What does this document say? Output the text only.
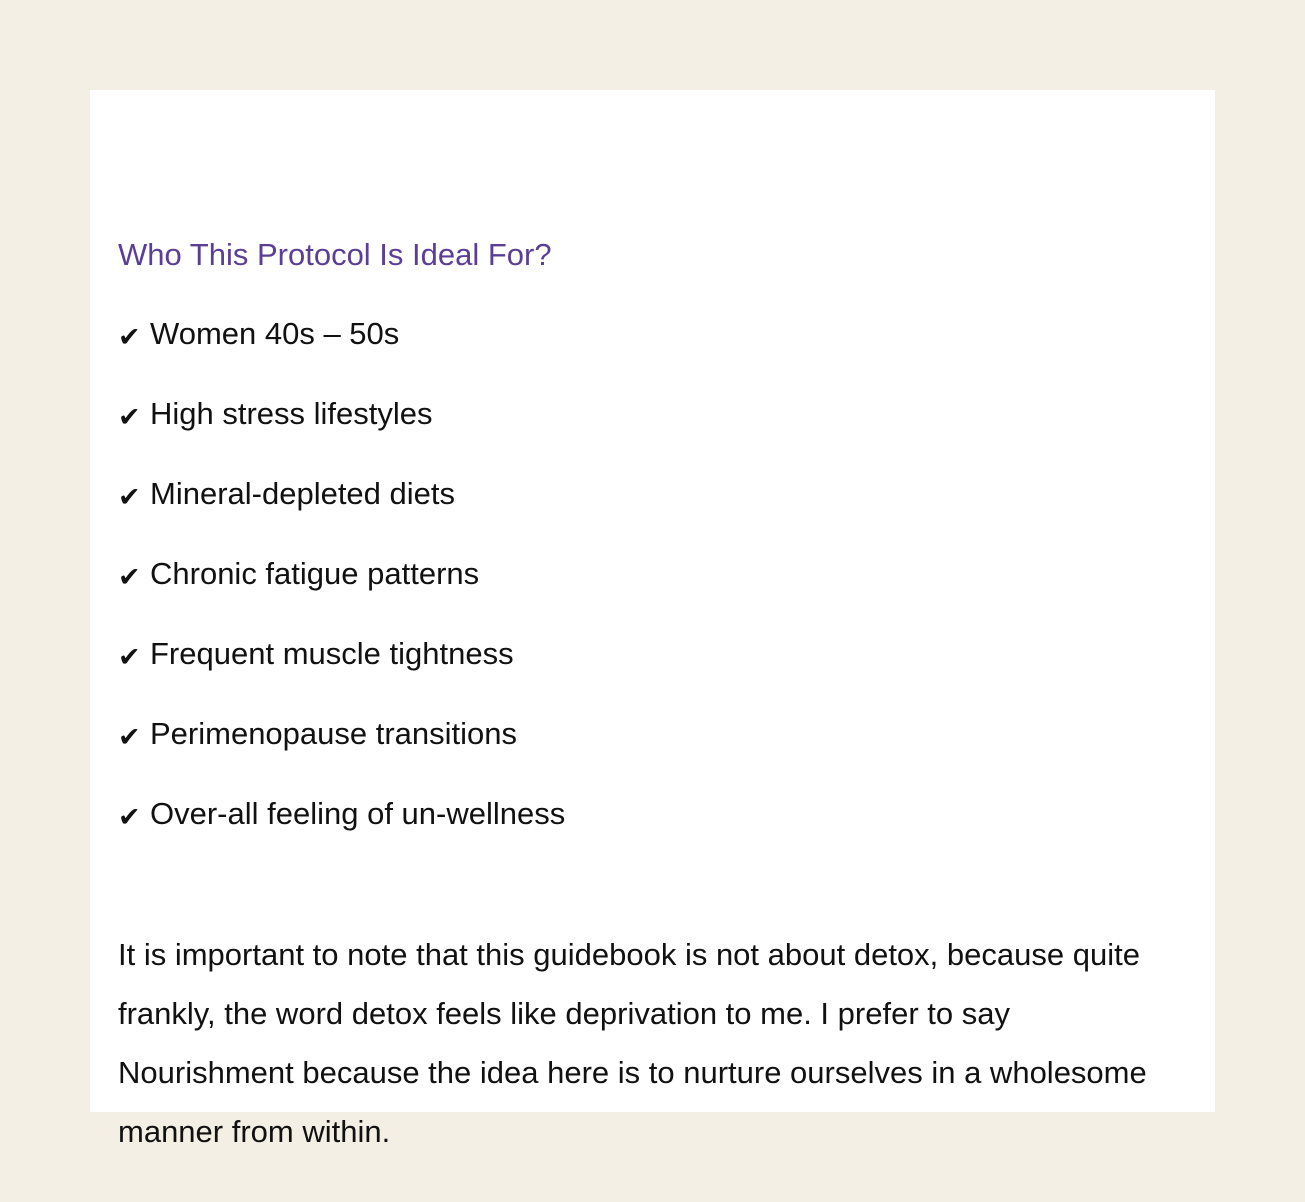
Who This Protocol Is Ideal For?
✔ Women 40s – 50s
✔ High stress lifestyles
✔ Mineral-depleted diets
✔ Chronic fatigue patterns
✔ Frequent muscle tightness
✔ Perimenopause transitions
✔ Over-all feeling of un-wellness

It is important to note that this guidebook is not about detox, because quite frankly, the word detox feels like deprivation to me. I prefer to say Nourishment because the idea here is to nurture ourselves in a wholesome manner from within.
